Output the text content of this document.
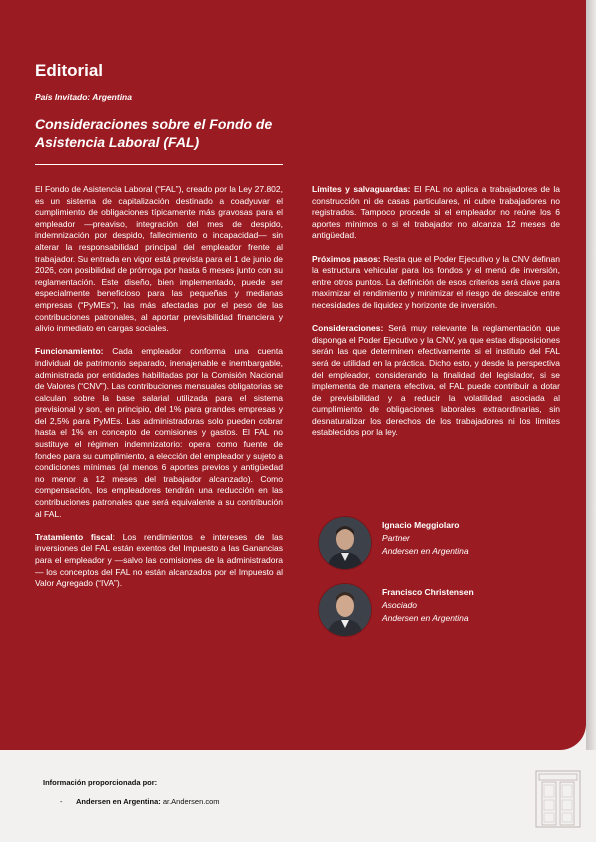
Editorial
País Invitado: Argentina
Consideraciones sobre el Fondo de Asistencia Laboral (FAL)

El Fondo de Asistencia Laboral (“FAL”), creado por la Ley 27.802, es un sistema de capitalización destinado a coadyuvar el cumplimiento de obligaciones típicamente más gravosas para el empleador —preaviso, integración del mes de despido, indemnización por despido, fallecimiento o incapacidad— sin alterar la responsabilidad principal del empleador frente al trabajador. Su entrada en vigor está prevista para el 1 de junio de 2026, con posibilidad de prórroga por hasta 6 meses junto con su reglamentación. Este diseño, bien implementado, puede ser especialmente beneficioso para las pequeñas y medianas empresas (“PyMEs”), las más afectadas por el peso de las contribuciones patronales, al aportar previsibilidad financiera y alivio inmediato en cargas sociales.

Funcionamiento: Cada empleador conforma una cuenta individual de patrimonio separado, inenajenable e inembargable, administrada por entidades habilitadas por la Comisión Nacional de Valores (“CNV”). Las contribuciones mensuales obligatorias se calculan sobre la base salarial utilizada para el sistema previsional y son, en principio, del 1% para grandes empresas y del 2,5% para PyMEs. Las administradoras solo pueden cobrar hasta el 1% en concepto de comisiones y gastos. El FAL no sustituye el régimen indemnizatorio: opera como fuente de fondeo para su cumplimiento, a elección del empleador y sujeto a condiciones mínimas (al menos 6 aportes previos y antigüedad no menor a 12 meses del trabajador alcanzado). Como compensación, los empleadores tendrán una reducción en las contribuciones patronales que será equivalente a su contribución al FAL.

Tratamiento fiscal: Los rendimientos e intereses de las inversiones del FAL están exentos del Impuesto a las Ganancias para el empleador y —salvo las comisiones de la administradora— los conceptos del FAL no están alcanzados por el Impuesto al Valor Agregado (“IVA”).

Límites y salvaguardas: El FAL no aplica a trabajadores de la construcción ni de casas particulares, ni cubre trabajadores no registrados. Tampoco procede si el empleador no reúne los 6 aportes mínimos o si el trabajador no alcanza 12 meses de antigüedad.

Próximos pasos: Resta que el Poder Ejecutivo y la CNV definan la estructura vehicular para los fondos y el menú de inversión, entre otros puntos. La definición de esos criterios será clave para maximizar el rendimiento y minimizar el riesgo de descalce entre necesidades de liquidez y horizonte de inversión.

Consideraciones: Será muy relevante la reglamentación que disponga el Poder Ejecutivo y la CNV, ya que estas disposiciones serán las que determinen efectivamente si el instituto del FAL será de utilidad en la práctica. Dicho esto, y desde la perspectiva del empleador, considerando la finalidad del legislador, si se implementa de manera efectiva, el FAL puede contribuir a dotar de previsibilidad y a reducir la volatilidad asociada al cumplimiento de obligaciones laborales extraordinarias, sin desnaturalizar los derechos de los trabajadores ni los límites establecidos por la ley.

Ignacio Meggiolaro
Partner
Andersen en Argentina
Francisco Christensen
Asociado
Andersen en Argentina
Información proporcionada por:
- Andersen en Argentina: ar.Andersen.com
